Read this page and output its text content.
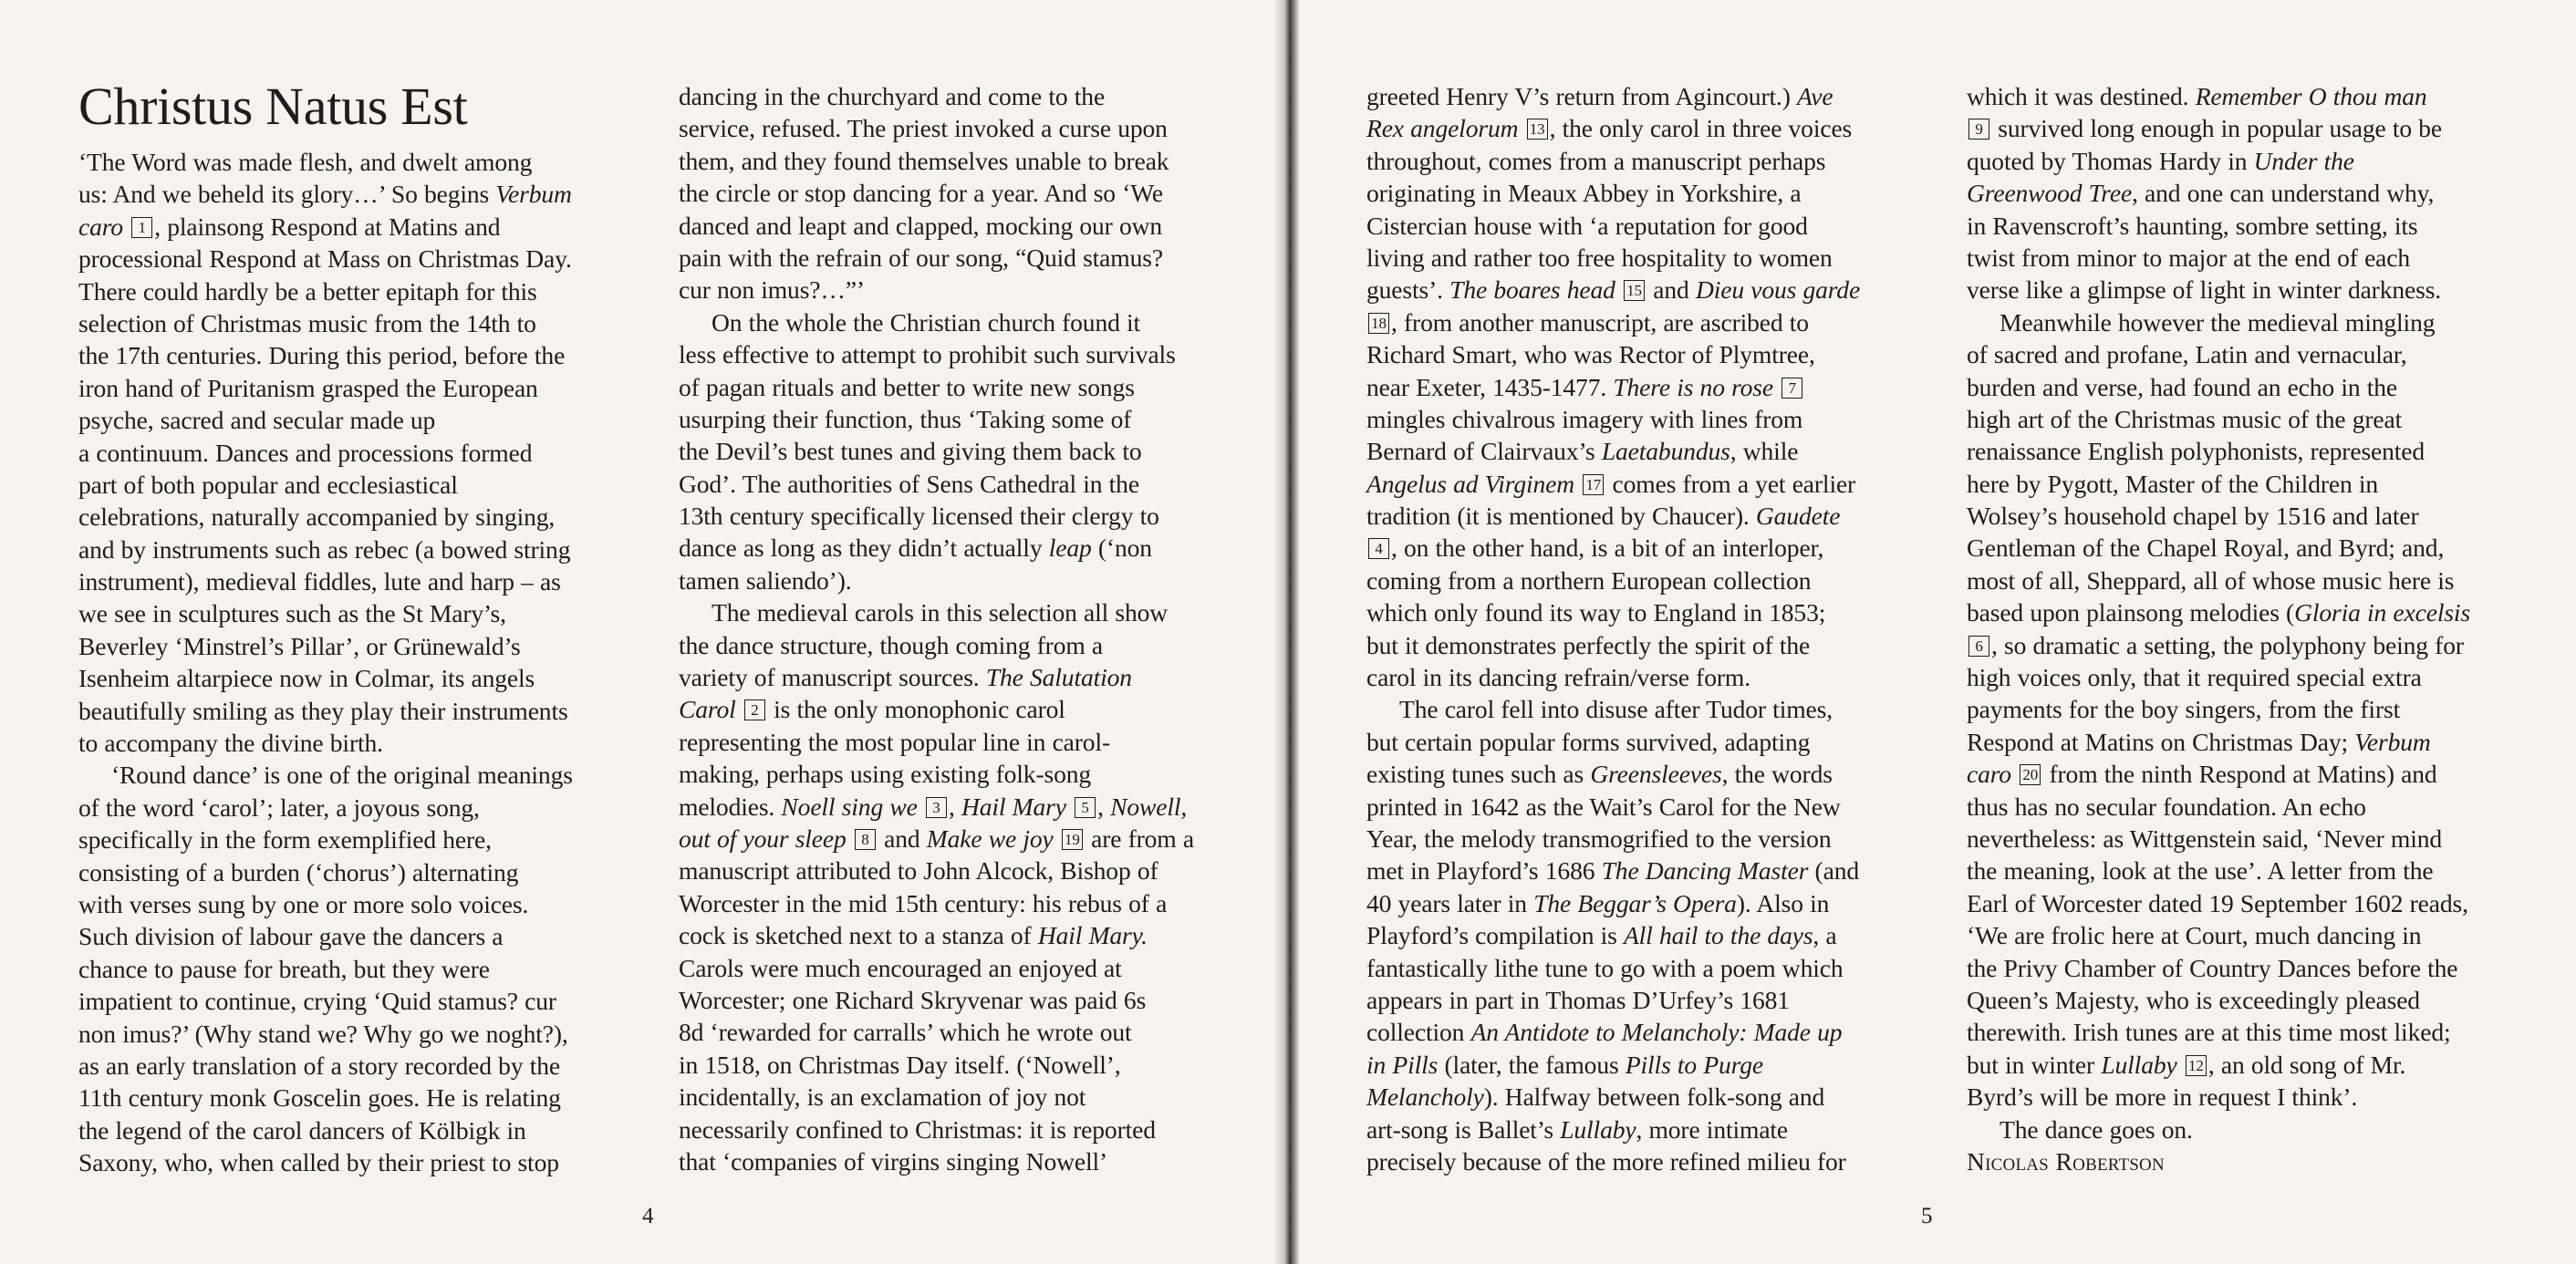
Christus Natus Est
‘The Word was made flesh, and dwelt among
us: And we beheld its glory…’ So begins Verbum
caro 1 , plainsong Respond at Matins and
processional Respond at Mass on Christmas Day.
There could hardly be a better epitaph for this
selection of Christmas music from the 14th to
the 17th centuries. During this period, before the
iron hand of Puritanism grasped the European
psyche, sacred and secular made up
a continuum. Dances and processions formed
part of both popular and ecclesiastical
celebrations, naturally accompanied by singing,
and by instruments such as rebec (a bowed string
instrument), medieval fiddles, lute and harp – as
we see in sculptures such as the St Mary’s,
Beverley ‘Minstrel’s Pillar’, or Grünewald’s
Isenheim altarpiece now in Colmar, its angels
beautifully smiling as they play their instruments
to accompany the divine birth.
‘Round dance’ is one of the original meanings
of the word ‘carol’; later, a joyous song,
specifically in the form exemplified here,
consisting of a burden (‘chorus’) alternating
with verses sung by one or more solo voices.
Such division of labour gave the dancers a
chance to pause for breath, but they were
impatient to continue, crying ‘Quid stamus? cur
non imus?’ (Why stand we? Why go we noght?),
as an early translation of a story recorded by the
11th century monk Goscelin goes. He is relating
the legend of the carol dancers of Kölbigk in
Saxony, who, when called by their priest to stop
dancing in the churchyard and come to the
service, refused. The priest invoked a curse upon
them, and they found themselves unable to break
the circle or stop dancing for a year. And so ‘We
danced and leapt and clapped, mocking our own
pain with the refrain of our song, “Quid stamus?
cur non imus?…”’
On the whole the Christian church found it
less effective to attempt to prohibit such survivals
of pagan rituals and better to write new songs
usurping their function, thus ‘Taking some of
the Devil’s best tunes and giving them back to
God’. The authorities of Sens Cathedral in the
13th century specifically licensed their clergy to
dance as long as they didn’t actually leap (‘non
tamen saliendo’).
The medieval carols in this selection all show
the dance structure, though coming from a
variety of manuscript sources. The Salutation
Carol 2 is the only monophonic carol
representing the most popular line in carol-
making, perhaps using existing folk-song
melodies. Noell sing we 3 , Hail Mary 5 , Nowell,
out of your sleep 8 and Make we joy 19 are from a
manuscript attributed to John Alcock, Bishop of
Worcester in the mid 15th century: his rebus of a
cock is sketched next to a stanza of Hail Mary.
Carols were much encouraged an enjoyed at
Worcester; one Richard Skryvenar was paid 6s
8d ‘rewarded for carralls’ which he wrote out
in 1518, on Christmas Day itself. (‘Nowell’,
incidentally, is an exclamation of joy not
necessarily confined to Christmas: it is reported
that ‘companies of virgins singing Nowell’
4	5
greeted Henry V’s return from Agincourt.) Ave
Rex angelorum 13 , the only carol in three voices
throughout, comes from a manuscript perhaps
originating in Meaux Abbey in Yorkshire, a
Cistercian house with ‘a reputation for good
living and rather too free hospitality to women
guests’. The boares head 15 and Dieu vous garde
18 , from another manuscript, are ascribed to
Richard Smart, who was Rector of Plymtree,
near Exeter, 1435-1477. There is no rose 7
mingles chivalrous imagery with lines from
Bernard of Clairvaux’s Laetabundus, while
Angelus ad Virginem 17 comes from a yet earlier
tradition (it is mentioned by Chaucer). Gaudete
4 , on the other hand, is a bit of an interloper,
coming from a northern European collection
which only found its way to England in 1853;
but it demonstrates perfectly the spirit of the
carol in its dancing refrain/verse form.
The carol fell into disuse after Tudor times,
but certain popular forms survived, adapting
existing tunes such as Greensleeves, the words
printed in 1642 as the Wait’s Carol for the New
Year, the melody transmogrified to the version
met in Playford’s 1686 The Dancing Master (and
40 years later in The Beggar’s Opera). Also in
Playford’s compilation is All hail to the days, a
fantastically lithe tune to go with a poem which
appears in part in Thomas D’Urfey’s 1681
collection An Antidote to Melancholy: Made up
in Pills (later, the famous Pills to Purge
Melancholy). Halfway between folk-song and
art-song is Ballet’s Lullaby, more intimate
precisely because of the more refined milieu for
which it was destined. Remember O thou man
9 survived long enough in popular usage to be
quoted by Thomas Hardy in Under the
Greenwood Tree, and one can understand why,
in Ravenscroft’s haunting, sombre setting, its
twist from minor to major at the end of each
verse like a glimpse of light in winter darkness.
Meanwhile however the medieval mingling
of sacred and profane, Latin and vernacular,
burden and verse, had found an echo in the
high art of the Christmas music of the great
renaissance English polyphonists, represented
here by Pygott, Master of the Children in
Wolsey’s household chapel by 1516 and later
Gentleman of the Chapel Royal, and Byrd; and,
most of all, Sheppard, all of whose music here is
based upon plainsong melodies (Gloria in excelsis
6 , so dramatic a setting, the polyphony being for
high voices only, that it required special extra
payments for the boy singers, from the first
Respond at Matins on Christmas Day; Verbum
caro 20 from the ninth Respond at Matins) and
thus has no secular foundation. An echo
nevertheless: as Wittgenstein said, ‘Never mind
the meaning, look at the use’. A letter from the
Earl of Worcester dated 19 September 1602 reads,
‘We are frolic here at Court, much dancing in
the Privy Chamber of Country Dances before the
Queen’s Majesty, who is exceedingly pleased
therewith. Irish tunes are at this time most liked;
but in winter Lullaby 12 , an old song of Mr.
Byrd’s will be more in request I think’.
The dance goes on.
Nicolas Robertson
